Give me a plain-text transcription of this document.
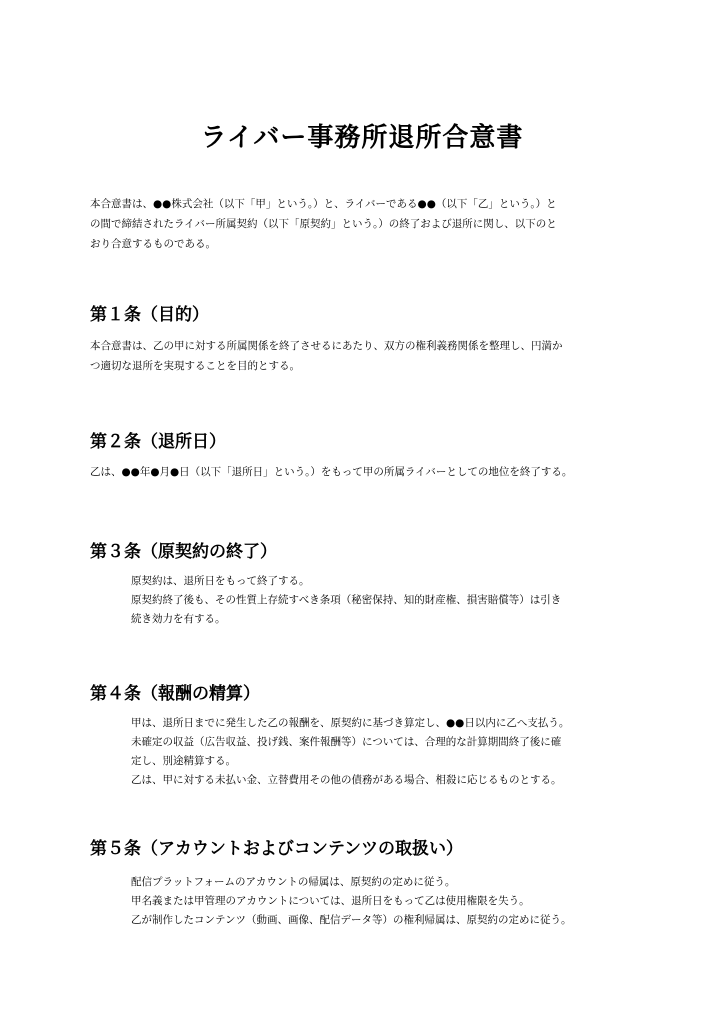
ライバー事務所退所合意書

本合意書は、●●株式会社（以下「甲」という。）と、ライバーである●●（以下「乙」という。）と

の間で締結されたライバー所属契約（以下「原契約」という。）の終了および退所に関し、以下のと

おり合意するものである。

第１条（目的）

本合意書は、乙の甲に対する所属関係を終了させるにあたり、双方の権利義務関係を整理し、円満か

つ適切な退所を実現することを目的とする。

第２条（退所日）

乙は、●●年●月●日（以下「退所日」という。）をもって甲の所属ライバーとしての地位を終了する。

第３条（原契約の終了）
原契約は、退所日をもって終了する。
原契約終了後も、その性質上存続すべき条項（秘密保持、知的財産権、損害賠償等）は引き
続き効力を有する。
第４条（報酬の精算）
甲は、退所日までに発生した乙の報酬を、原契約に基づき算定し、●●日以内に乙へ支払う。
未確定の収益（広告収益、投げ銭、案件報酬等）については、合理的な計算期間終了後に確
定し、別途精算する。
乙は、甲に対する未払い金、立替費用その他の債務がある場合、相殺に応じるものとする。
第５条（アカウントおよびコンテンツの取扱い）
配信プラットフォームのアカウントの帰属は、原契約の定めに従う。
甲名義または甲管理のアカウントについては、退所日をもって乙は使用権限を失う。
乙が制作したコンテンツ（動画、画像、配信データ等）の権利帰属は、原契約の定めに従う。
